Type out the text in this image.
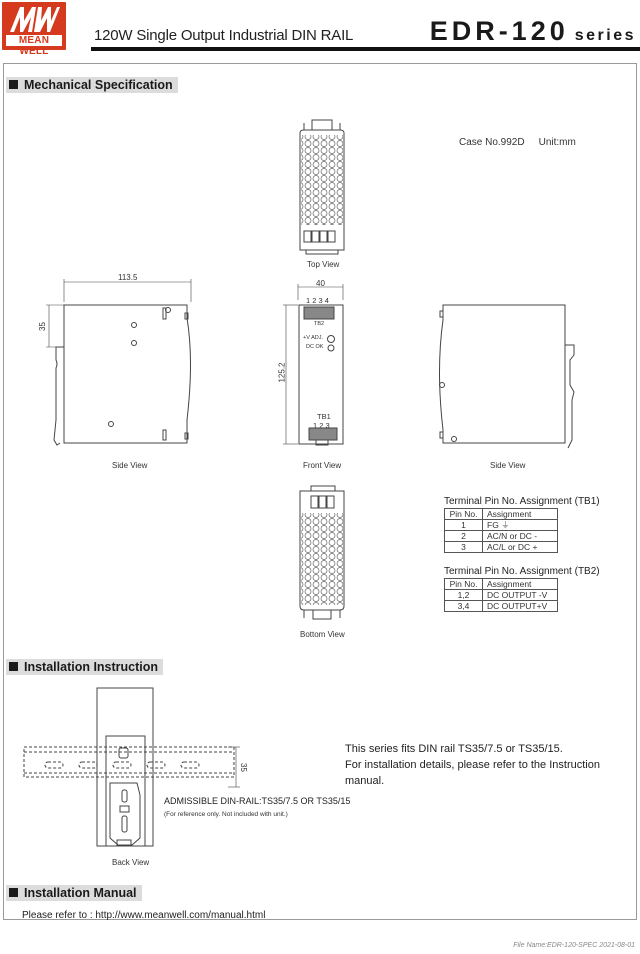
MEAN WELL
120W Single Output Industrial DIN RAIL	EDR-120 series
Mechanical Specification
Installation Instruction
Installation Manual
Case No.992D Unit:mm
Top View
Side View	Front View	Side View
Bottom View
113.5
35
40
125.2
1 2 3 4
TB2
+V ADJ.
DC OK
TB1
1 2 3
Terminal Pin No. Assignment (TB1)
Pin No.	Assignment
1	FG ⏚
2	AC/N or DC -
3	AC/L or DC +
Terminal Pin No. Assignment (TB2)
Pin No.	Assignment
1,2	DC OUTPUT -V
3,4	DC OUTPUT+V
35
ADMISSIBLE DIN-RAIL:TS35/7.5 OR TS35/15
(For reference only. Not included with unit.)
Back View
This series fits DIN rail TS35/7.5 or TS35/15.
For installation details, please refer to the Instruction manual.
Please refer to : http://www.meanwell.com/manual.html
File Name:EDR-120-SPEC 2021-08-01
